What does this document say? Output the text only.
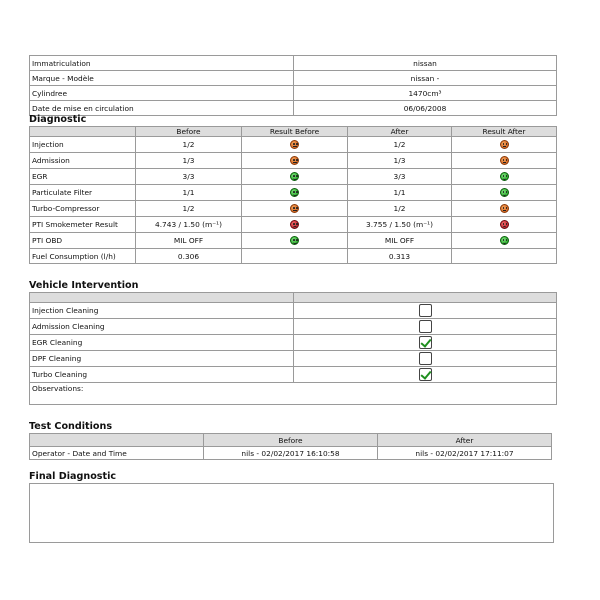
Immatriculation	nissan
Marque - Modèle	nissan -
Cylindree	1470cm³
Date de mise en circulation	06/06/2008
Diagnostic
	Before	Result Before	After	Result After
Injection	1/2		1/2	
Admission	1/3		1/3	
EGR	3/3		3/3	
Particulate Filter	1/1		1/1	
Turbo-Compressor	1/2		1/2	
PTI Smokemeter Result	4.743 / 1.50 (m⁻¹)		3.755 / 1.50 (m⁻¹)	
PTI OBD	MIL OFF		MIL OFF	
Fuel Consumption (l/h)	0.306		0.313	
Vehicle Intervention

Injection Cleaning	
Admission Cleaning	
EGR Cleaning	
DPF Cleaning	
Turbo Cleaning	
Observations:	
Test Conditions
	Before	After
Operator - Date and Time	nils - 02/02/2017 16:10:58	nils - 02/02/2017 17:11:07
Final Diagnostic
